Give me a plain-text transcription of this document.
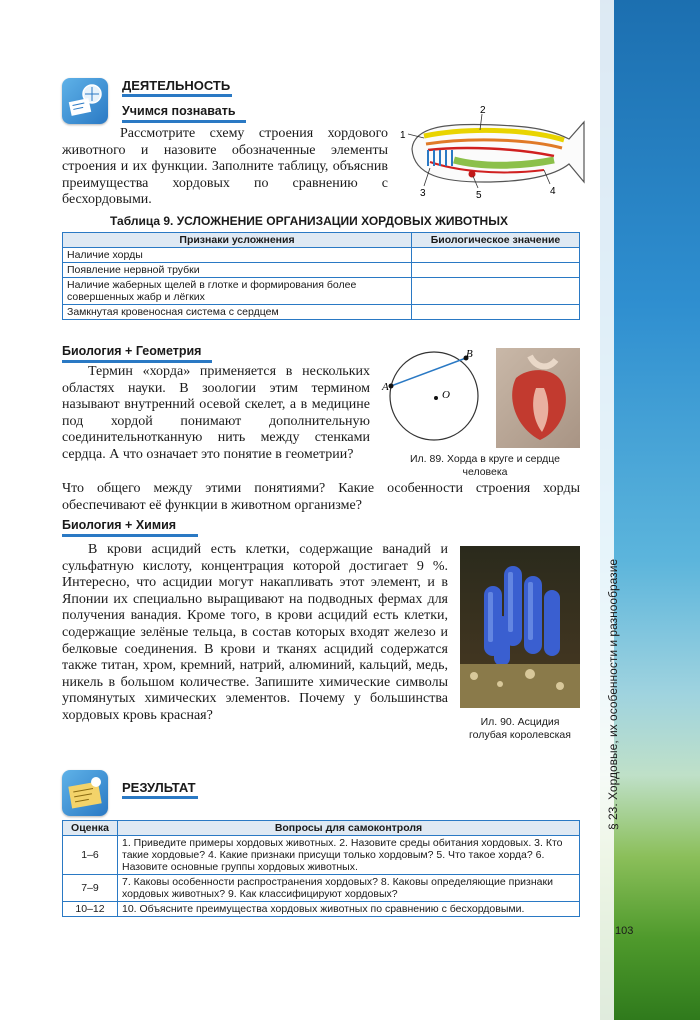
§ 23. Хордовые, их особенности и разнообразие
103
ДЕЯТЕЛЬНОСТЬ
Учимся познавать
Рассмотрите схему строения хордового животного и назовите обозначенные элементы строения и их функции. Заполните таблицу, объяснив преимущества хордовых по сравнению с бесхордовыми.
1
2
3	4
5
Таблица 9. УСЛОЖНЕНИЕ ОРГАНИЗАЦИИ ХОРДОВЫХ ЖИВОТНЫХ
Признаки усложнения	Биологическое значение
Наличие хорды	
Появление нервной трубки	
Наличие жаберных щелей в глотке и формирования более совершенных жабр и лёгких	
Замкнутая кровеносная система с сердцем	
Биология + Геометрия
Термин «хорда» применяется в нескольких областях науки. В зоологии этим термином называют внутренний осевой скелет, а в медицине под хордой понимают дополнительную соединительнотканную нить между стенками сердца. А что означает это понятие в геометрии?
Что общего между этими понятиями? Какие особенности строения хорды обеспечивают её функции в животном организме?
A
B
O
Ил. 89. Хорда в круге и сердце человека
Биология + Химия
В крови асцидий есть клетки, содержащие ванадий и сульфатную кислоту, концентрация которой достигает 9 %. Интересно, что асцидии могут накапливать этот элемент, и в Японии их специально выращивают на подводных фермах для получения ванадия. Кроме того, в крови асцидий есть клетки, содержащие зелёные тельца, в состав которых входят железо и белковые соединения. В крови и тканях асцидий содержатся также титан, хром, кремний, натрий, алюминий, кальций, медь, никель в большом количестве. Запишите химические символы упомянутых химических элементов. Почему у большинства хордовых кровь красная?	Ил. 90. Асцидия голубая королевская
РЕЗУЛЬТАТ
Оценка	Вопросы для самоконтроля
1–6	1. Приведите примеры хордовых животных. 2. Назовите среды обитания хордовых. 3. Кто такие хордовые? 4. Какие признаки присущи только хордовым? 5. Что такое хорда? 6. Назовите основные группы хордовых животных.
7–9	7. Каковы особенности распространения хордовых? 8. Каковы определяющие признаки хордовых животных? 9. Как классифицируют хордовых?
10–12	10. Объясните преимущества хордовых животных по сравнению с бесхордовыми.
